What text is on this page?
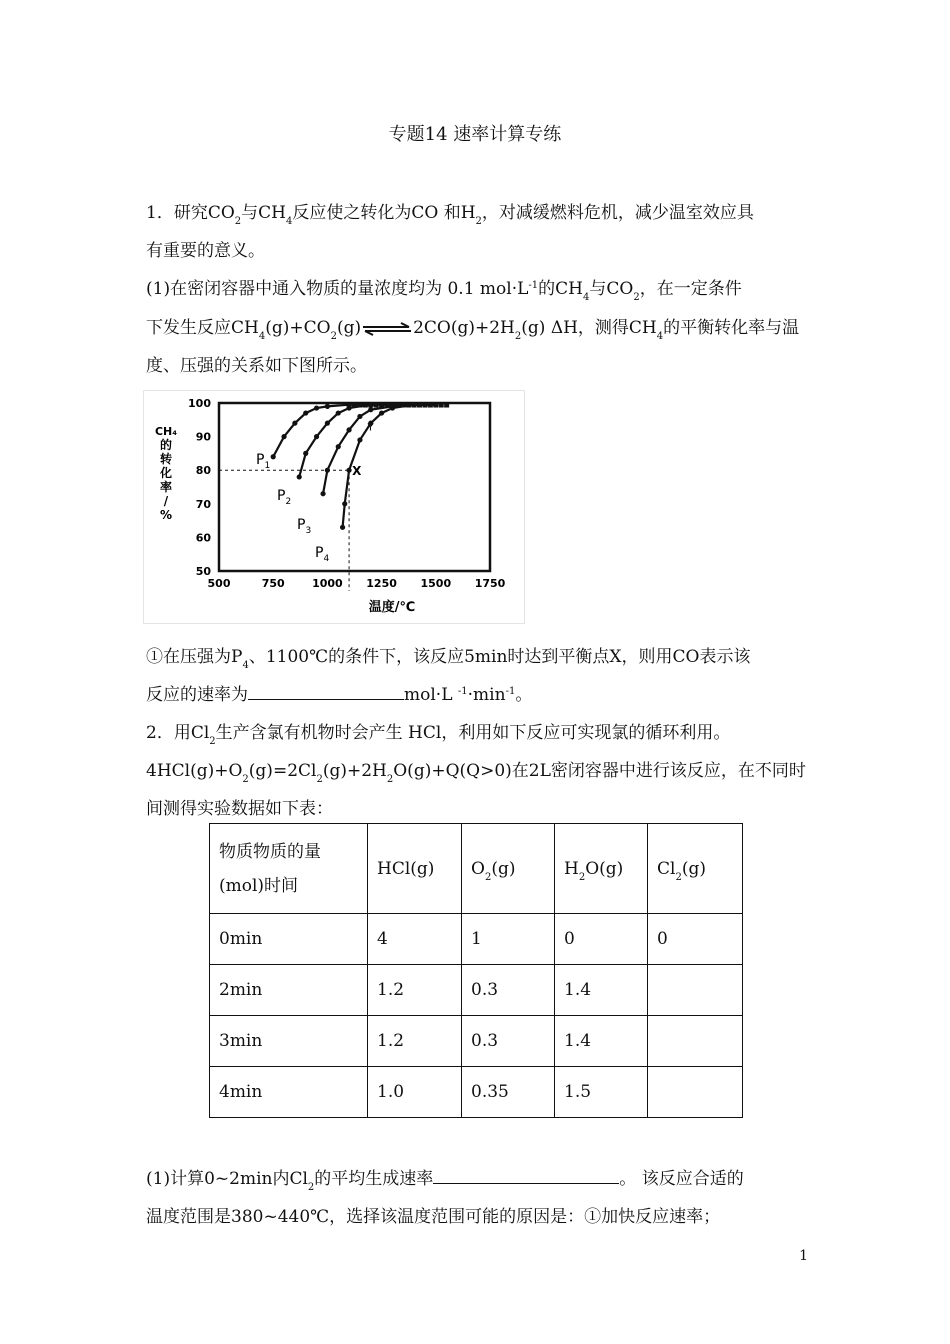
专题14 速率计算专练
1．研究$CO_2$与$CH_4$反应使之转化为CO 和$H_2$，对减缓燃料危机，减少温室效应具
有重要的意义。
(1)在密闭容器中通入物质的量浓度均为 0.1 $mol\cdot L^{-1}$的$CH_4$与$CO_2$，在一定条件
下发生反应$CH_4(g)+CO_2(g)\rightleftharpoons 2CO(g)+2H_2(g)$ ΔH，测得$CH_4$的平衡转化率与温
度、压强的关系如下图所示。
CH₄
的
转
化
率
/
%
温度/℃
100
90
80
70
60
50
500	750 1000 1250 1500 1750
$P_1$
$P_2$
$P_3$
$P_4$
X
Y
①在压强为$P_4$、1100℃的条件下，该反应5min时达到平衡点X，则用CO表示该
反应的速率为	mol·L $^{-1}\cdot\min^{-1}$。
2．用$Cl_2$生产含氯有机物时会产生 HCl，利用如下反应可实现氯的循环利用。
$4HCl(g)+O_2(g)=2Cl_2(g)+2H_2O(g)+Q(Q>0)$在2L密闭容器中进行该反应，在不同时
间测得实验数据如下表：
物质物质的量
(mol)时间	HCl(g)	$O_2(g)$	$H_2O(g)$	$Cl_2(g)$
0min	4	1	0	0
2min	1.2	0.3	1.4	
3min	1.2	0.3	1.4	
4min	1.0	0.35	1.5	
(1)计算0~2min内$Cl_2$的平均生成速率	。 该反应合适的
温度范围是380~440℃，选择该温度范围可能的原因是：①加快反应速率；
1
